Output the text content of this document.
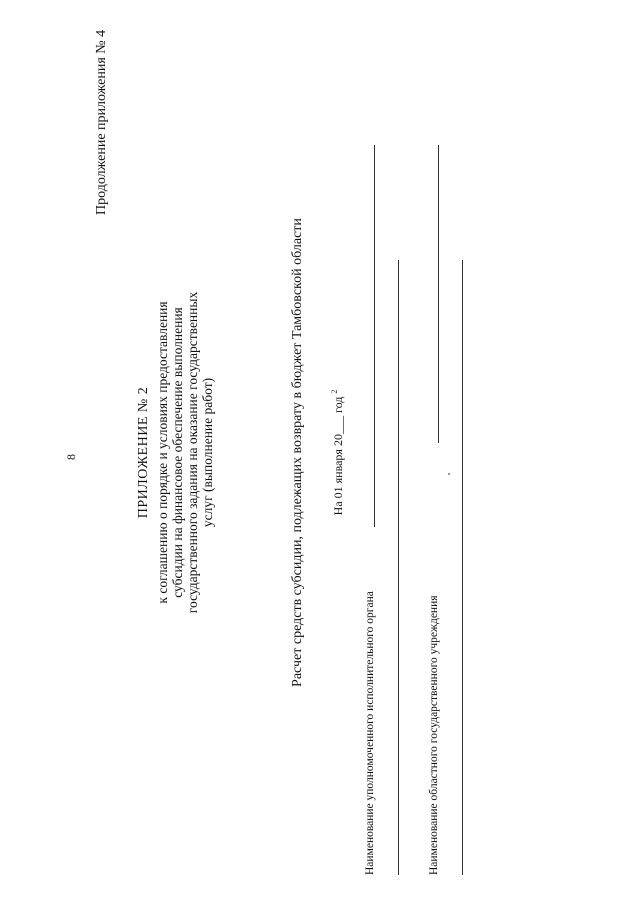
8
Продолжение приложения № 4
ПРИЛОЖЕНИЕ № 2 к соглашению о порядке и условиях предоставления субсидии на финансовое обеспечение выполнения государственного задания на оказание государственных услуг (выполнение работ)	Расчет средств субсидии, подлежащих возврату в бюджет Тамбовской области На 01 января 20___ год $^2$
Наименование уполномоченного исполнительного органа	Наименование областного государственного учреждения
